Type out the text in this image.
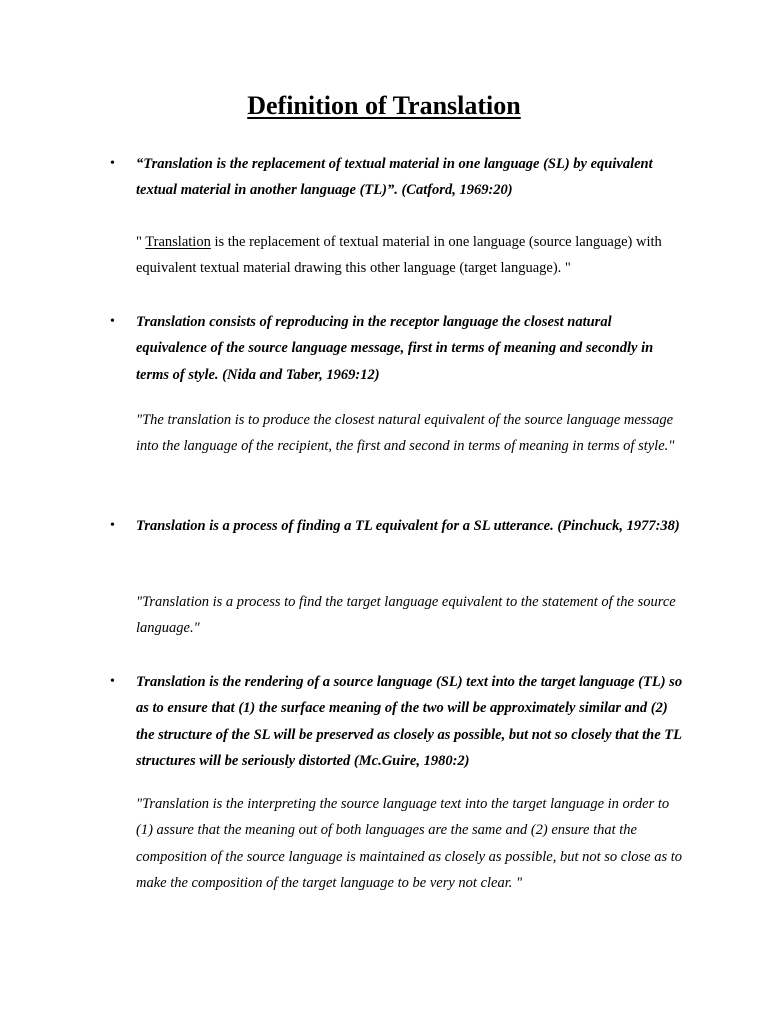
Definition of Translation
• “Translation is the replacement of textual material in one language (SL) by equivalent textual material in another language (TL)”. (Catford, 1969:20)

" Translation is the replacement of textual material in one language (source language) with equivalent textual material drawing this other language (target language). "

• Translation consists of reproducing in the receptor language the closest natural equivalence of the source language message, first in terms of meaning and secondly in terms of style. (Nida and Taber, 1969:12)

"The translation is to produce the closest natural equivalent of the source language message into the language of the recipient, the first and second in terms of meaning in terms of style."

• Translation is a process of finding a TL equivalent for a SL utterance. (Pinchuck, 1977:38)

"Translation is a process to find the target language equivalent to the statement of the source language."

• Translation is the rendering of a source language (SL) text into the target language (TL) so as to ensure that (1) the surface meaning of the two will be approximately similar and (2) the structure of the SL will be preserved as closely as possible, but not so closely that the TL structures will be seriously distorted (Mc.Guire, 1980:2)

"Translation is the interpreting the source language text into the target language in order to (1) assure that the meaning out of both languages are the same and (2) ensure that the composition of the source language is maintained as closely as possible, but not so close as to make the composition of the target language to be very not clear. "
